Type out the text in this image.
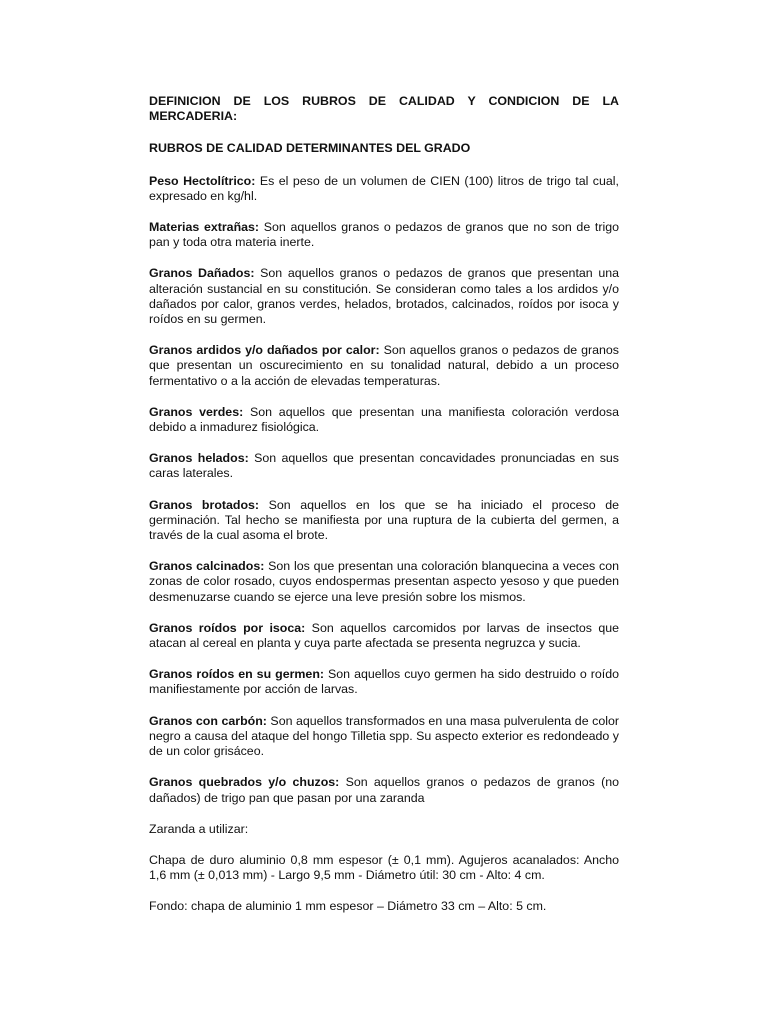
DEFINICION DE LOS RUBROS DE CALIDAD Y CONDICION DE LA MERCADERIA:

RUBROS DE CALIDAD DETERMINANTES DEL GRADO

Peso Hectolítrico: Es el peso de un volumen de CIEN (100) litros de trigo tal cual, expresado en kg/hl.

Materias extrañas: Son aquellos granos o pedazos de granos que no son de trigo pan y toda otra materia inerte.

Granos Dañados: Son aquellos granos o pedazos de granos que presentan una alteración sustancial en su constitución. Se consideran como tales a los ardidos y/o dañados por calor, granos verdes, helados, brotados, calcinados, roídos por isoca y roídos en su germen.

Granos ardidos y/o dañados por calor: Son aquellos granos o pedazos de granos que presentan un oscurecimiento en su tonalidad natural, debido a un proceso fermentativo o a la acción de elevadas temperaturas.

Granos verdes: Son aquellos que presentan una manifiesta coloración verdosa debido a inmadurez fisiológica.

Granos helados: Son aquellos que presentan concavidades pronunciadas en sus caras laterales.

Granos brotados: Son aquellos en los que se ha iniciado el proceso de germinación. Tal hecho se manifiesta por una ruptura de la cubierta del germen, a través de la cual asoma el brote.

Granos calcinados: Son los que presentan una coloración blanquecina a veces con zonas de color rosado, cuyos endospermas presentan aspecto yesoso y que pueden desmenuzarse cuando se ejerce una leve presión sobre los mismos.

Granos roídos por isoca: Son aquellos carcomidos por larvas de insectos que atacan al cereal en planta y cuya parte afectada se presenta negruzca y sucia.

Granos roídos en su germen: Son aquellos cuyo germen ha sido destruido o roído manifiestamente por acción de larvas.

Granos con carbón: Son aquellos transformados en una masa pulverulenta de color negro a causa del ataque del hongo Tilletia spp. Su aspecto exterior es redondeado y de un color grisáceo.

Granos quebrados y/o chuzos: Son aquellos granos o pedazos de granos (no dañados) de trigo pan que pasan por una zaranda

Zaranda a utilizar:

Chapa de duro aluminio 0,8 mm espesor (± 0,1 mm). Agujeros acanalados: Ancho 1,6 mm (± 0,013 mm) - Largo 9,5 mm - Diámetro útil: 30 cm - Alto: 4 cm.

Fondo: chapa de aluminio 1 mm espesor – Diámetro 33 cm – Alto: 5 cm.
